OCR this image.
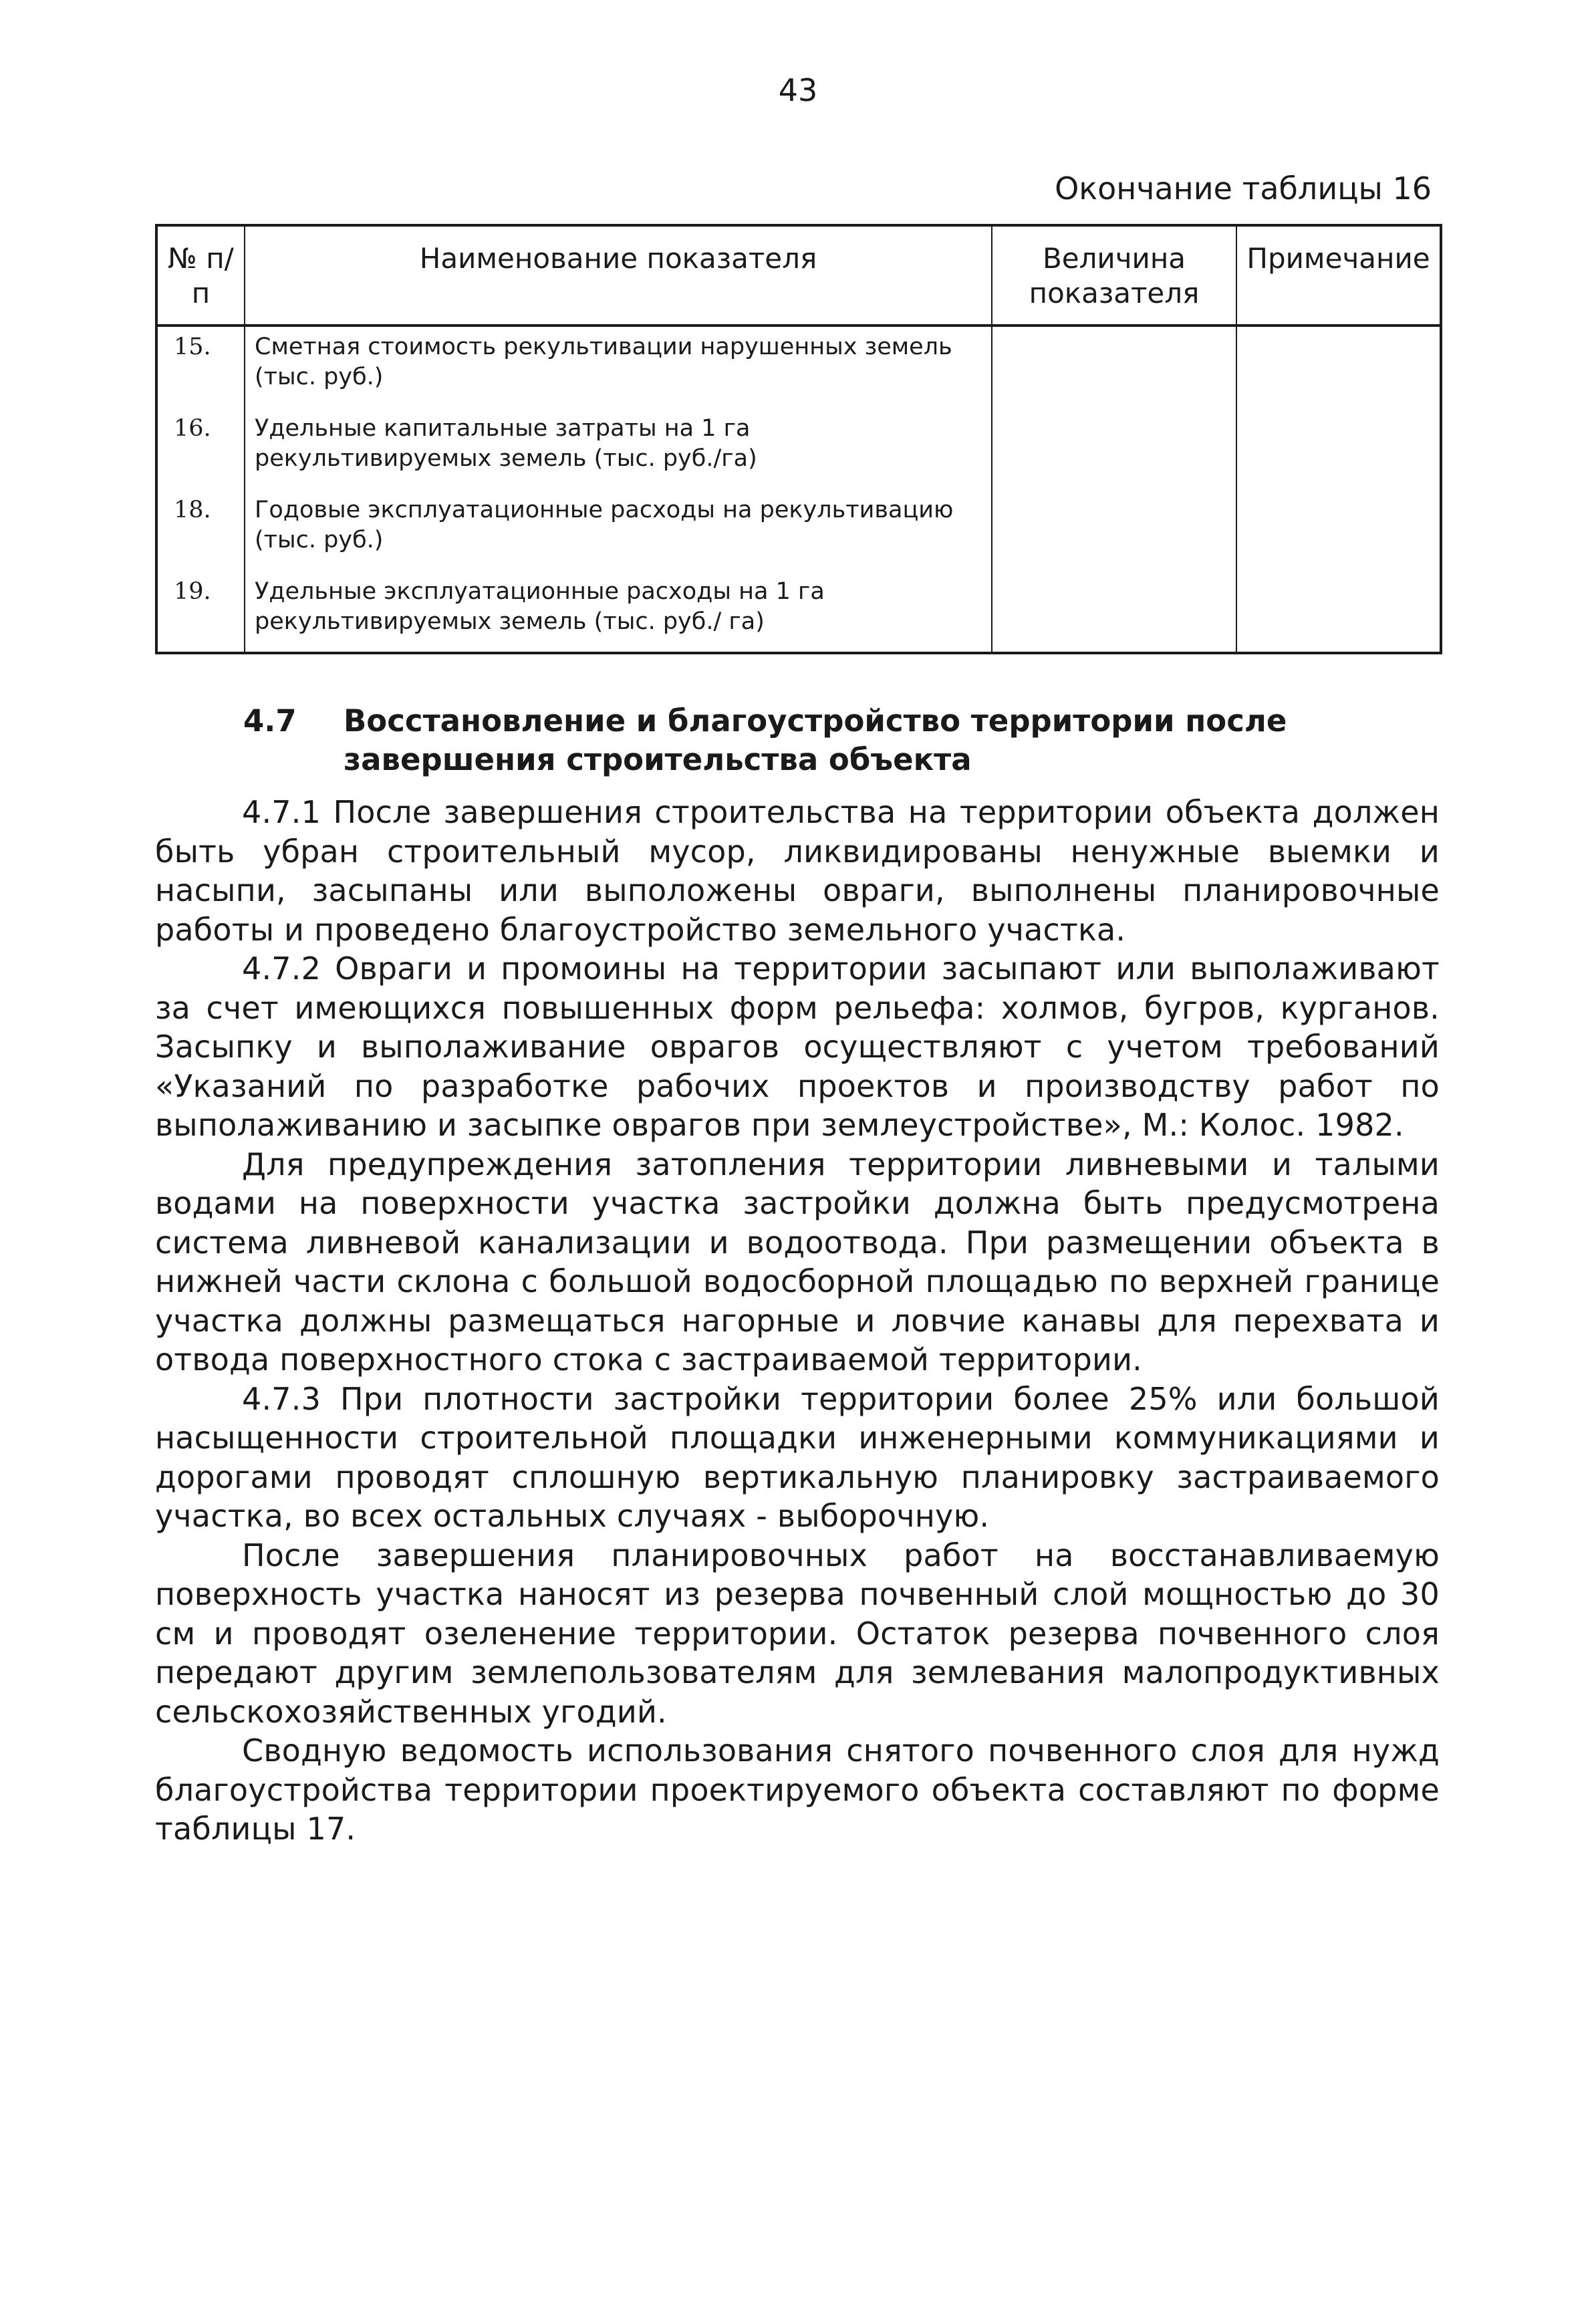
43
Окончание таблицы 16
№ п/п	Наименование показателя	Величина показателя	Примечание
15.	Сметная стоимость рекультивации нарушенных земель (тыс. руб.)		
16.	Удельные капитальные затраты на 1 га рекультивируемых земель (тыс. руб./га)		
18.	Годовые эксплуатационные расходы на рекультивацию (тыс. руб.)		
19.	Удельные эксплуатационные расходы на 1 га рекультивируемых земель (тыс. руб./ га)		
4.7	Восстановление и благоустройство территории после завершения строительства объекта

4.7.1 После завершения строительства на территории объекта должен быть убран строительный мусор, ликвидированы ненужные выемки и насыпи, засыпаны или выположены овраги, выполнены планировочные работы и проведено благоустройство земельного участка.

4.7.2 Овраги и промоины на территории засыпают или выполаживают за счет имеющихся повышенных форм рельефа: холмов, бугров, курганов. Засыпку и выполаживание оврагов осуществляют с учетом требований «Указаний по разработке рабочих проектов и производству работ по выполаживанию и засыпке оврагов при землеустройстве», М.: Колос. 1982.

Для предупреждения затопления территории ливневыми и талыми водами на поверхности участка застройки должна быть предусмотрена система ливневой канализации и водоотвода. При размещении объекта в нижней части склона с большой водосборной площадью по верхней границе участка должны размещаться нагорные и ловчие канавы для перехвата и отвода поверхностного стока с застраиваемой территории.

4.7.3 При плотности застройки территории более 25% или большой насыщенности строительной площадки инженерными коммуникациями и дорогами проводят сплошную вертикальную планировку застраиваемого участка, во всех остальных случаях - выборочную.

После завершения планировочных работ на восстанавливаемую поверхность участка наносят из резерва почвенный слой мощностью до 30 см и проводят озеленение территории. Остаток резерва почвенного слоя передают другим землепользователям для землевания малопродуктивных сельскохозяйственных угодий.

Сводную ведомость использования снятого почвенного слоя для нужд благоустройства территории проектируемого объекта составляют по форме таблицы 17.
